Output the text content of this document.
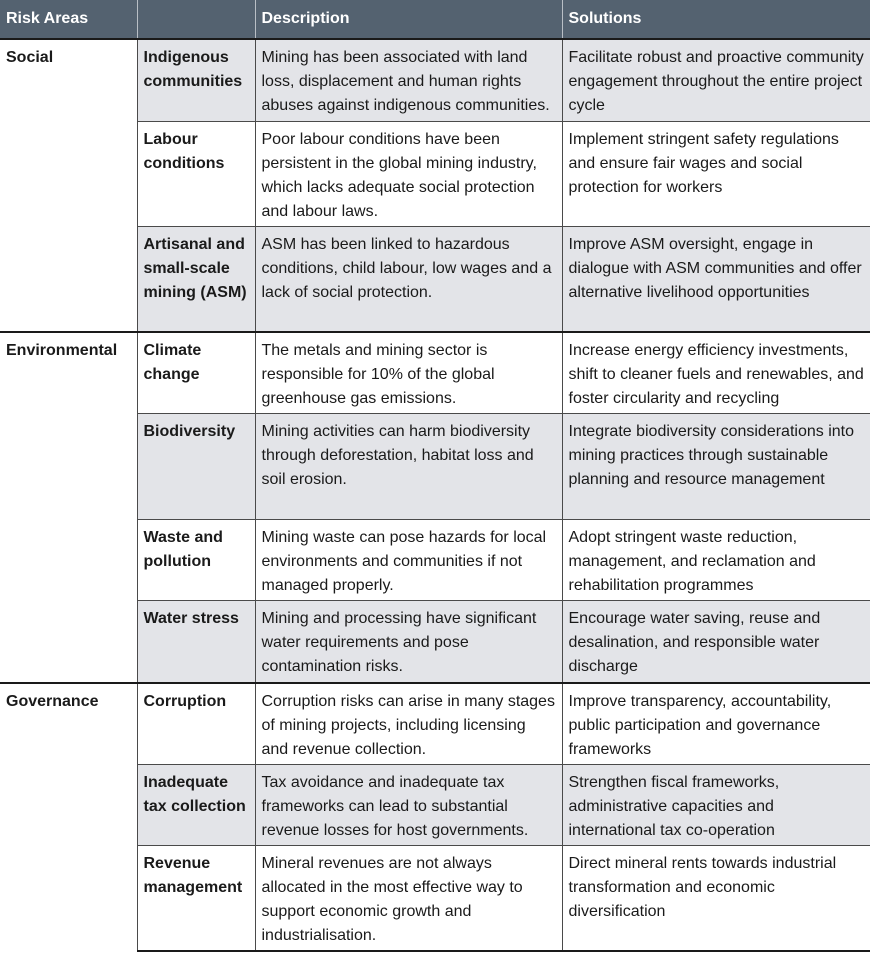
Risk Areas		Description	Solutions
Social	Indigenous communities	Mining has been associated with land loss, displacement and human rights abuses against indigenous communities.	Facilitate robust and proactive community engagement throughout the entire project cycle
	Labour conditions	Poor labour conditions have been persistent in the global mining industry, which lacks adequate social protection and labour laws.	Implement stringent safety regulations and ensure fair wages and social protection for workers
	Artisanal and small-scale mining (ASM)	ASM has been linked to hazardous conditions, child labour, low wages and a lack of social protection.	Improve ASM oversight, engage in dialogue with ASM communities and offer alternative livelihood opportunities
Environmental	Climate change	The metals and mining sector is responsible for 10% of the global greenhouse gas emissions.	Increase energy efficiency investments, shift to cleaner fuels and renewables, and foster circularity and recycling
	Biodiversity	Mining activities can harm biodiversity through deforestation, habitat loss and soil erosion.	Integrate biodiversity considerations into mining practices through sustainable planning and resource management
	Waste and pollution	Mining waste can pose hazards for local environments and communities if not managed properly.	Adopt stringent waste reduction, management, and reclamation and rehabilitation programmes
	Water stress	Mining and processing have significant water requirements and pose contamination risks.	Encourage water saving, reuse and desalination, and responsible water discharge
Governance	Corruption	Corruption risks can arise in many stages of mining projects, including licensing and revenue collection.	Improve transparency, accountability, public participation and governance frameworks
	Inadequate tax collection	Tax avoidance and inadequate tax frameworks can lead to substantial revenue losses for host governments.	Strengthen fiscal frameworks, administrative capacities and international tax co-operation
	Revenue management	Mineral revenues are not always allocated in the most effective way to support economic growth and industrialisation.	Direct mineral rents towards industrial transformation and economic diversification
